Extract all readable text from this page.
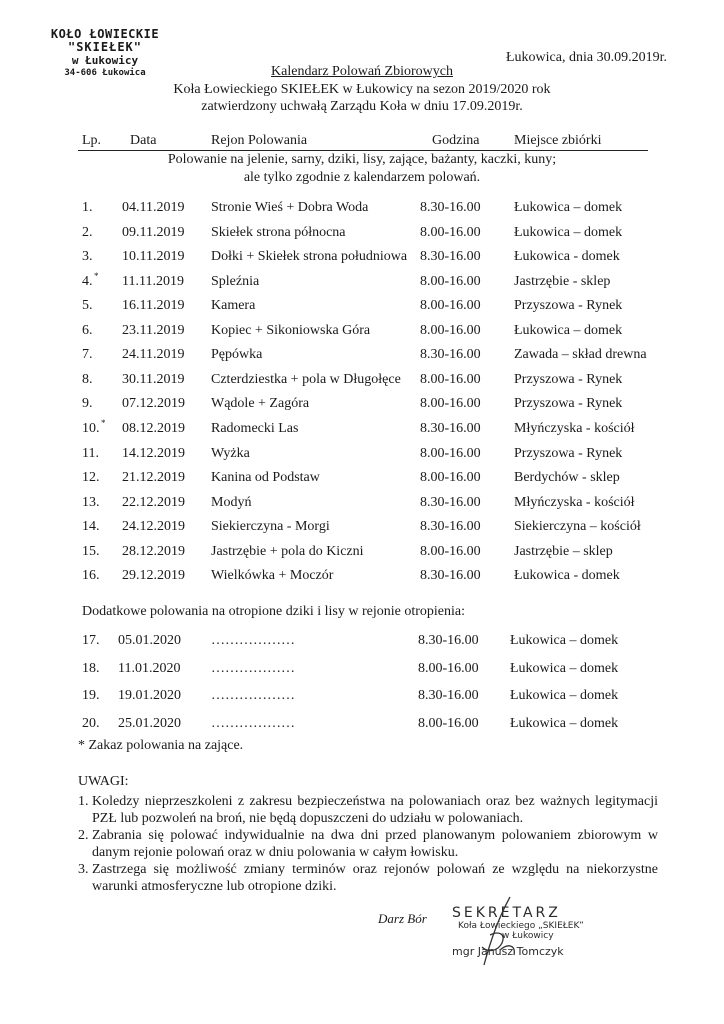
KOŁO ŁOWIECKIE
"SKIEŁEK"
w Łukowicy
34-606 Łukowica
Łukowica, dnia 30.09.2019r.
Kalendarz Polowań Zbiorowych
Koła Łowieckiego SKIEŁEK w Łukowicy na sezon 2019/2020 rok
zatwierdzony uchwałą Zarządu Koła w dniu 17.09.2019r.
Lp. Data	Rejon Polowania	Godzina Miejsce zbiórki
Polowanie na jelenie, sarny, dziki, lisy, zające, bażanty, kaczki, kuny;
ale tylko zgodnie z kalendarzem polowań.
1. 04.11.2019 Stronie Wieś + Dobra Woda	8.30-16.00 Łukowica – domek
2. 09.11.2019 Skiełek strona północna	8.00-16.00 Łukowica – domek
3. 10.11.2019 Dołki + Skiełek strona południowa 8.30-16.00 Łukowica - domek
4. * 11.11.2019 Spleźnia	8.00-16.00 Jastrzębie - sklep
5. 16.11.2019 Kamera	8.00-16.00 Przyszowa - Rynek
6. 23.11.2019 Kopiec + Sikoniowska Góra	8.00-16.00 Łukowica – domek
7. 24.11.2019 Pępówka	8.30-16.00 Zawada – skład drewna
8. 30.11.2019 Czterdziestka + pola w Długołęce 8.00-16.00 Przyszowa - Rynek
9. 07.12.2019 Wądole + Zagóra	8.00-16.00 Przyszowa - Rynek
10. * 08.12.2019 Radomecki Las	8.30-16.00 Młyńczyska - kościół
11. 14.12.2019 Wyżka	8.00-16.00 Przyszowa - Rynek
12. 21.12.2019 Kanina od Podstaw	8.00-16.00 Berdychów - sklep
13. 22.12.2019 Modyń	8.30-16.00 Młyńczyska - kościół
14. 24.12.2019 Siekierczyna - Morgi	8.30-16.00 Siekierczyna – kościół
15. 28.12.2019 Jastrzębie + pola do Kiczni	8.00-16.00 Jastrzębie – sklep
16. 29.12.2019 Wielkówka + Moczór	8.30-16.00 Łukowica - domek
Dodatkowe polowania na otropione dziki i lisy w rejonie otropienia:
17. 05.01.2020 ………………	8.30-16.00 Łukowica – domek
18. 11.01.2020 ………………	8.00-16.00 Łukowica – domek
19. 19.01.2020 ………………	8.30-16.00 Łukowica – domek
20. 25.01.2020 ………………	8.00-16.00 Łukowica – domek
* Zakaz polowania na zające.
UWAGI:
1. Koledzy nieprzeszkoleni z zakresu bezpieczeństwa na polowaniach oraz bez ważnych legitymacji PZŁ lub pozwoleń na broń, nie będą dopuszczeni do udziału w polowaniach.
2. Zabrania się polować indywidualnie na dwa dni przed planowanym polowaniem zbiorowym w danym rejonie polowań oraz w dniu polowania w całym łowisku.
3. Zastrzega się możliwość zmiany terminów oraz rejonów polowań ze względu na niekorzystne warunki atmosferyczne lub otropione dziki.
Darz Bór SEKRETARZ
Koła Łowieckiego „SKIEŁEK”
w Łukowicy
mgr Janusz Tomczyk
